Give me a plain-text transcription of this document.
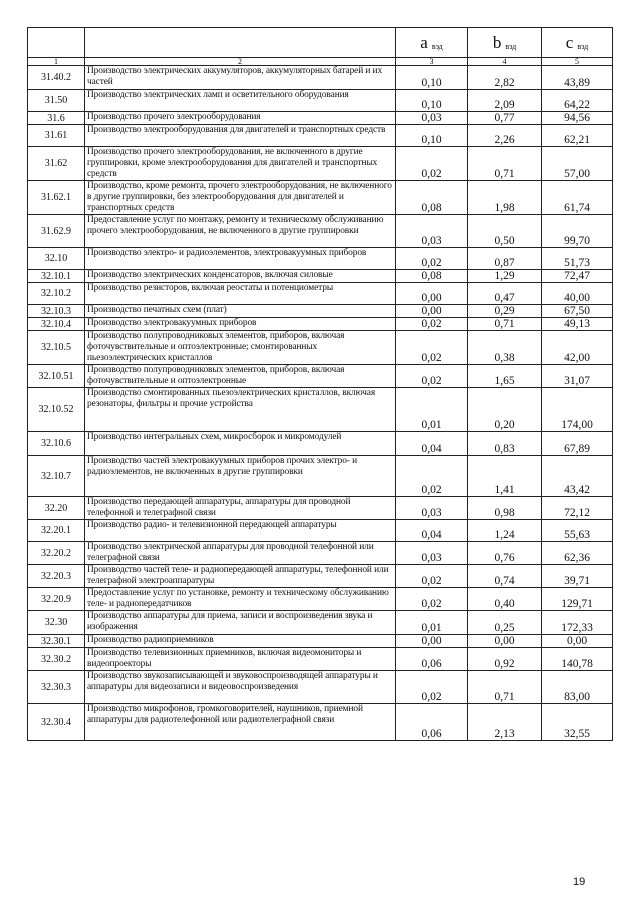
		a вэд	b вэд	c вэд
1	2	3	4	5
31.40.2	Производство электрических аккумуляторов, аккумуляторных батарей и их частей	0,10	2,82	43,89
31.50	Производство электрических ламп и осветительного оборудования	0,10	2,09	64,22
31.6	Производство прочего электрооборудования	0,03	0,77	94,56
31.61	Производство электрооборудования для двигателей и транспортных средств	0,10	2,26	62,21
31.62	Производство прочего электрооборудования, не включенного в другие группировки, кроме электрооборудования для двигателей и транспортных средств	0,02	0,71	57,00
31.62.1	Производство, кроме ремонта, прочего электрооборудования, не включенного в другие группировки, без электрооборудования для двигателей и транспортных средств	0,08	1,98	61,74
31.62.9	Предоставление услуг по монтажу, ремонту и техническому обслуживанию прочего электрооборудования, не включенного в другие группировки	0,03	0,50	99,70
32.10	Производство электро- и радиоэлементов, электровакуумных приборов	0,02	0,87	51,73
32.10.1	Производство электрических конденсаторов, включая силовые	0,08	1,29	72,47
32.10.2	Производство резисторов, включая реостаты и потенциометры	0,00	0,47	40,00
32.10.3	Производство печатных схем (плат)	0,00	0,29	67,50
32.10.4	Производство электровакуумных приборов	0,02	0,71	49,13
32.10.5	Производство полупроводниковых элементов, приборов, включая фоточувствительные и оптоэлектронные; смонтированных пьезоэлектрических кристаллов	0,02	0,38	42,00
32.10.51	Производство полупроводниковых элементов, приборов, включая фоточувствительные и оптоэлектронные	0,02	1,65	31,07
32.10.52	Производство смонтированных пьезоэлектрических кристаллов, включая резонаторы, фильтры и прочие устройства	0,01	0,20	174,00
32.10.6	Производство интегральных схем, микросборок и микромодулей	0,04	0,83	67,89
32.10.7	Производство частей электровакуумных приборов прочих электро- и радиоэлементов, не включенных в другие группировки	0,02	1,41	43,42
32.20	Производство передающей аппаратуры, аппаратуры для проводной телефонной и телеграфной связи	0,03	0,98	72,12
32.20.1	Производство радио- и телевизионной передающей аппаратуры	0,04	1,24	55,63
32.20.2	Производство электрической аппаратуры для проводной телефонной или телеграфной связи	0,03	0,76	62,36
32.20.3	Производство частей теле- и радиопередающей аппаратуры, телефонной или телеграфной электроаппаратуры	0,02	0,74	39,71
32.20.9	Предоставление услуг по установке, ремонту и техническому обслуживанию теле- и радиопередатчиков	0,02	0,40	129,71
32.30	Производство аппаратуры для приема, записи и воспроизведения звука и изображения	0,01	0,25	172,33
32.30.1	Производство радиоприемников	0,00	0,00	0,00
32.30.2	Производство телевизионных приемников, включая видеомониторы и видеопроекторы	0,06	0,92	140,78
32.30.3	Производство звукозаписывающей и звуковоспроизводящей аппаратуры и аппаратуры для видеозаписи и видеовоспроизведения	0,02	0,71	83,00
32.30.4	Производство микрофонов, громкоговорителей, наушников, приемной аппаратуры для радиотелефонной или радиотелеграфной связи	0,06	2,13	32,55
19
